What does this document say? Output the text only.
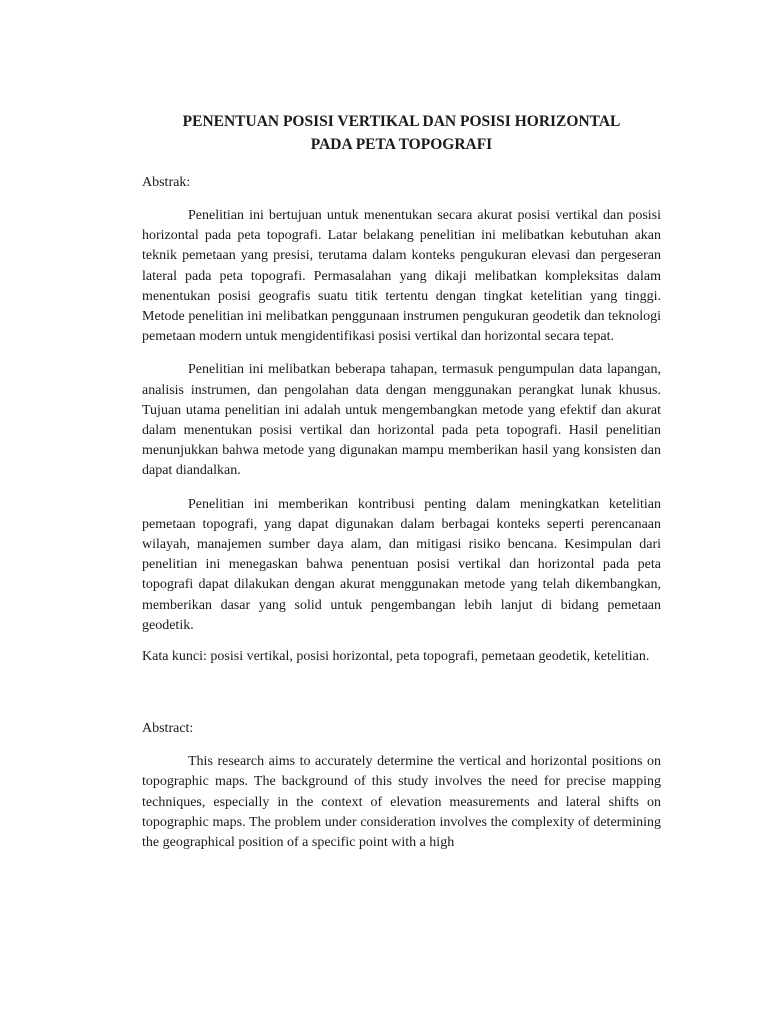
PENENTUAN POSISI VERTIKAL DAN POSISI HORIZONTAL
PADA PETA TOPOGRAFI

Abstrak:

Penelitian ini bertujuan untuk menentukan secara akurat posisi vertikal dan posisi horizontal pada peta topografi. Latar belakang penelitian ini melibatkan kebutuhan akan teknik pemetaan yang presisi, terutama dalam konteks pengukuran elevasi dan pergeseran lateral pada peta topografi. Permasalahan yang dikaji melibatkan kompleksitas dalam menentukan posisi geografis suatu titik tertentu dengan tingkat ketelitian yang tinggi. Metode penelitian ini melibatkan penggunaan instrumen pengukuran geodetik dan teknologi pemetaan modern untuk mengidentifikasi posisi vertikal dan horizontal secara tepat.

Penelitian ini melibatkan beberapa tahapan, termasuk pengumpulan data lapangan, analisis instrumen, dan pengolahan data dengan menggunakan perangkat lunak khusus. Tujuan utama penelitian ini adalah untuk mengembangkan metode yang efektif dan akurat dalam menentukan posisi vertikal dan horizontal pada peta topografi. Hasil penelitian menunjukkan bahwa metode yang digunakan mampu memberikan hasil yang konsisten dan dapat diandalkan.

Penelitian ini memberikan kontribusi penting dalam meningkatkan ketelitian pemetaan topografi, yang dapat digunakan dalam berbagai konteks seperti perencanaan wilayah, manajemen sumber daya alam, dan mitigasi risiko bencana. Kesimpulan dari penelitian ini menegaskan bahwa penentuan posisi vertikal dan horizontal pada peta topografi dapat dilakukan dengan akurat menggunakan metode yang telah dikembangkan, memberikan dasar yang solid untuk pengembangan lebih lanjut di bidang pemetaan geodetik.

Kata kunci: posisi vertikal, posisi horizontal, peta topografi, pemetaan geodetik, ketelitian.

Abstract:

This research aims to accurately determine the vertical and horizontal positions on topographic maps. The background of this study involves the need for precise mapping techniques, especially in the context of elevation measurements and lateral shifts on topographic maps. The problem under consideration involves the complexity of determining the geographical position of a specific point with a high
